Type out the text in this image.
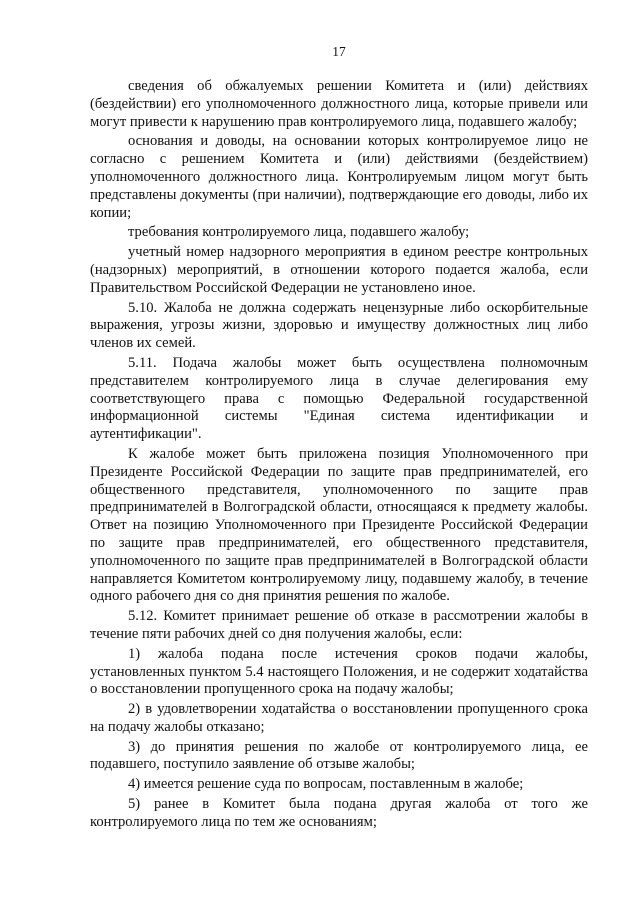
17

сведения об обжалуемых решении Комитета и (или) действиях (бездействии) его уполномоченного должностного лица, которые привели или могут привести к нарушению прав контролируемого лица, подавшего жалобу;

основания и доводы, на основании которых контролируемое лицо не согласно с решением Комитета и (или) действиями (бездействием) уполномоченного должностного лица. Контролируемым лицом могут быть представлены документы (при наличии), подтверждающие его доводы, либо их копии;

требования контролируемого лица, подавшего жалобу;

учетный номер надзорного мероприятия в едином реестре контрольных (надзорных) мероприятий, в отношении которого подается жалоба, если Правительством Российской Федерации не установлено иное.

5.10. Жалоба не должна содержать нецензурные либо оскорбительные выражения, угрозы жизни, здоровью и имуществу должностных лиц либо членов их семей.

5.11. Подача жалобы может быть осуществлена полномочным представителем контролируемого лица в случае делегирования ему соответствующего права с помощью Федеральной государственной информационной системы "Единая система идентификации и аутентификации".

К жалобе может быть приложена позиция Уполномоченного при Президенте Российской Федерации по защите прав предпринимателей, его общественного представителя, уполномоченного по защите прав предпринимателей в Волгоградской области, относящаяся к предмету жалобы. Ответ на позицию Уполномоченного при Президенте Российской Федерации по защите прав предпринимателей, его общественного представителя, уполномоченного по защите прав предпринимателей в Волгоградской области направляется Комитетом контролируемому лицу, подавшему жалобу, в течение одного рабочего дня со дня принятия решения по жалобе.

5.12. Комитет принимает решение об отказе в рассмотрении жалобы в течение пяти рабочих дней со дня получения жалобы, если:

1) жалоба подана после истечения сроков подачи жалобы, установленных пунктом 5.4 настоящего Положения, и не содержит ходатайства о восстановлении пропущенного срока на подачу жалобы;

2) в удовлетворении ходатайства о восстановлении пропущенного срока на подачу жалобы отказано;

3) до принятия решения по жалобе от контролируемого лица, ее подавшего, поступило заявление об отзыве жалобы;

4) имеется решение суда по вопросам, поставленным в жалобе;

5) ранее в Комитет была подана другая жалоба от того же контролируемого лица по тем же основаниям;
